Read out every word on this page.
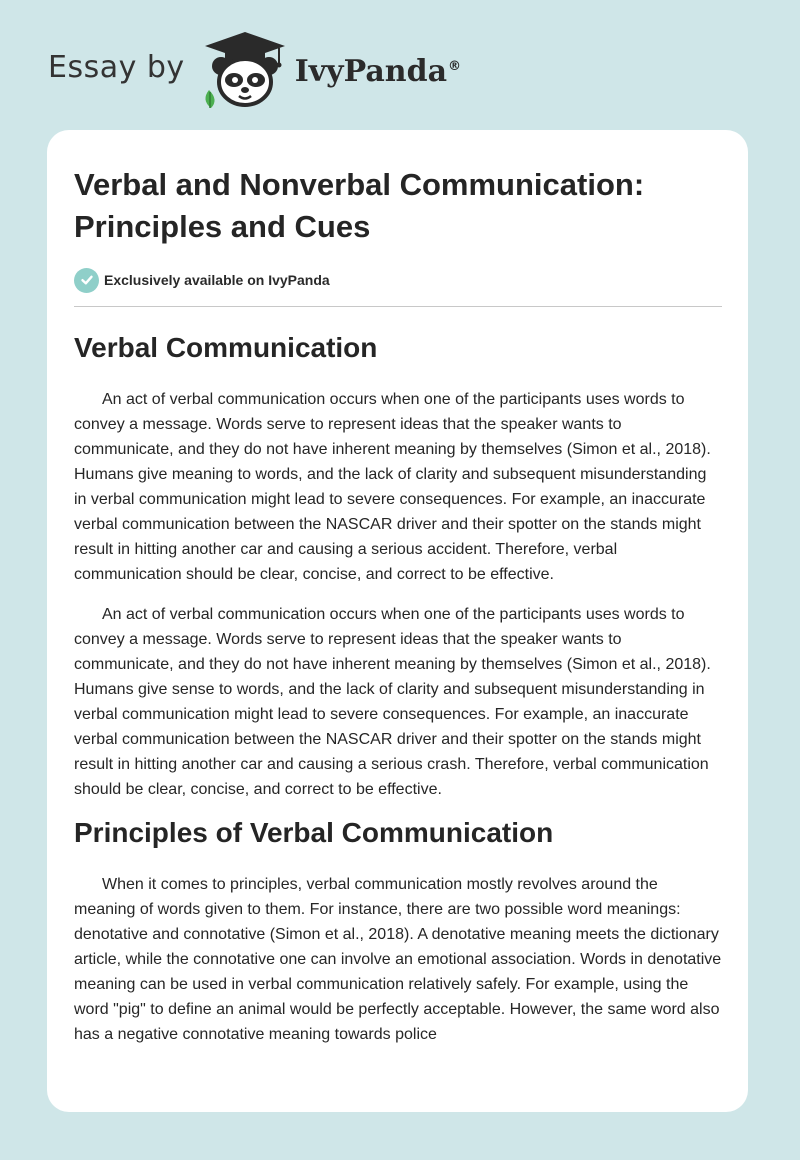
Essay by	IvyPanda®
Verbal and Nonverbal Communication: Principles and Cues
Exclusively available on IvyPanda
Verbal Communication

An act of verbal communication occurs when one of the participants uses words to convey a message. Words serve to represent ideas that the speaker wants to communicate, and they do not have inherent meaning by themselves (Simon et al., 2018). Humans give meaning to words, and the lack of clarity and subsequent misunderstanding in verbal communication might lead to severe consequences. For example, an inaccurate verbal communication between the NASCAR driver and their spotter on the stands might result in hitting another car and causing a serious accident. Therefore, verbal communication should be clear, concise, and correct to be effective.

An act of verbal communication occurs when one of the participants uses words to convey a message. Words serve to represent ideas that the speaker wants to communicate, and they do not have inherent meaning by themselves (Simon et al., 2018). Humans give sense to words, and the lack of clarity and subsequent misunderstanding in verbal communication might lead to severe consequences. For example, an inaccurate verbal communication between the NASCAR driver and their spotter on the stands might result in hitting another car and causing a serious crash. Therefore, verbal communication should be clear, concise, and correct to be effective.

Principles of Verbal Communication

When it comes to principles, verbal communication mostly revolves around the meaning of words given to them. For instance, there are two possible word meanings: denotative and connotative (Simon et al., 2018). A denotative meaning meets the dictionary article, while the connotative one can involve an emotional association. Words in denotative meaning can be used in verbal communication relatively safely. For example, using the word "pig" to define an animal would be perfectly acceptable. However, the same word also has a negative connotative meaning towards police
